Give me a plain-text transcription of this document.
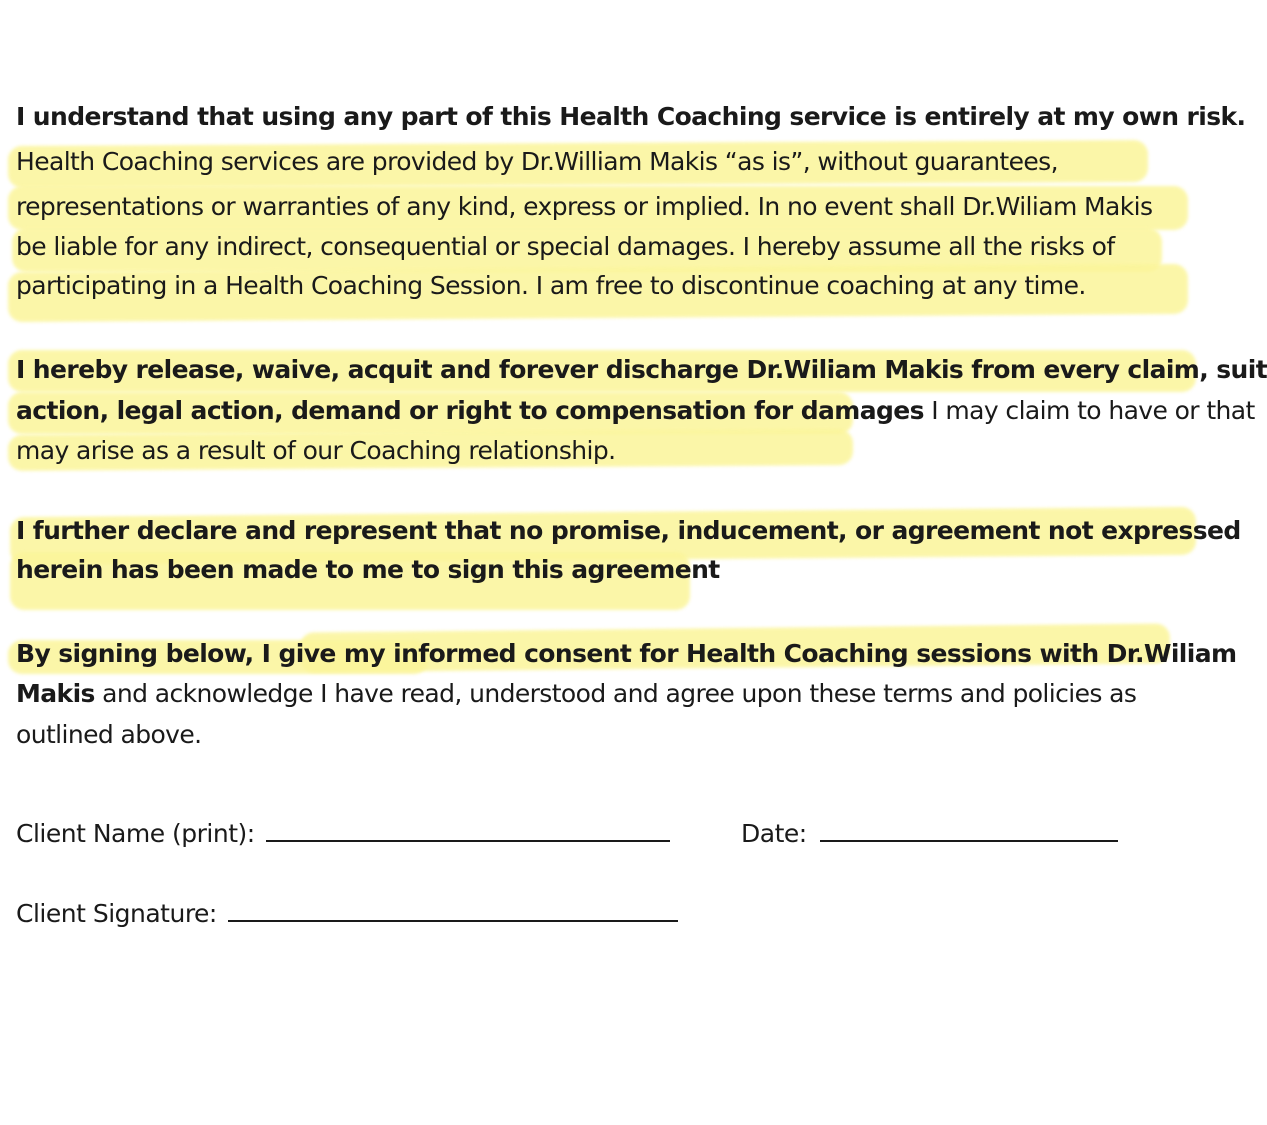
I understand that using any part of this Health Coaching service is entirely at my own risk.
Health Coaching services are provided by Dr.William Makis “as is”, without guarantees,
representations or warranties of any kind, express or implied. In no event shall Dr.Wiliam Makis
be liable for any indirect, consequential or special damages. I hereby assume all the risks of
participating in a Health Coaching Session. I am free to discontinue coaching at any time.
I hereby release, waive, acquit and forever discharge Dr.Wiliam Makis from every claim, suit
action, legal action, demand or right to compensation for damages I may claim to have or that
may arise as a result of our Coaching relationship.
I further declare and represent that no promise, inducement, or agreement not expressed
herein has been made to me to sign this agreement
By signing below, I give my informed consent for Health Coaching sessions with Dr.Wiliam
Makis and acknowledge I have read, understood and agree upon these terms and policies as
outlined above.
Client Name (print):	Date:
Client Signature:
